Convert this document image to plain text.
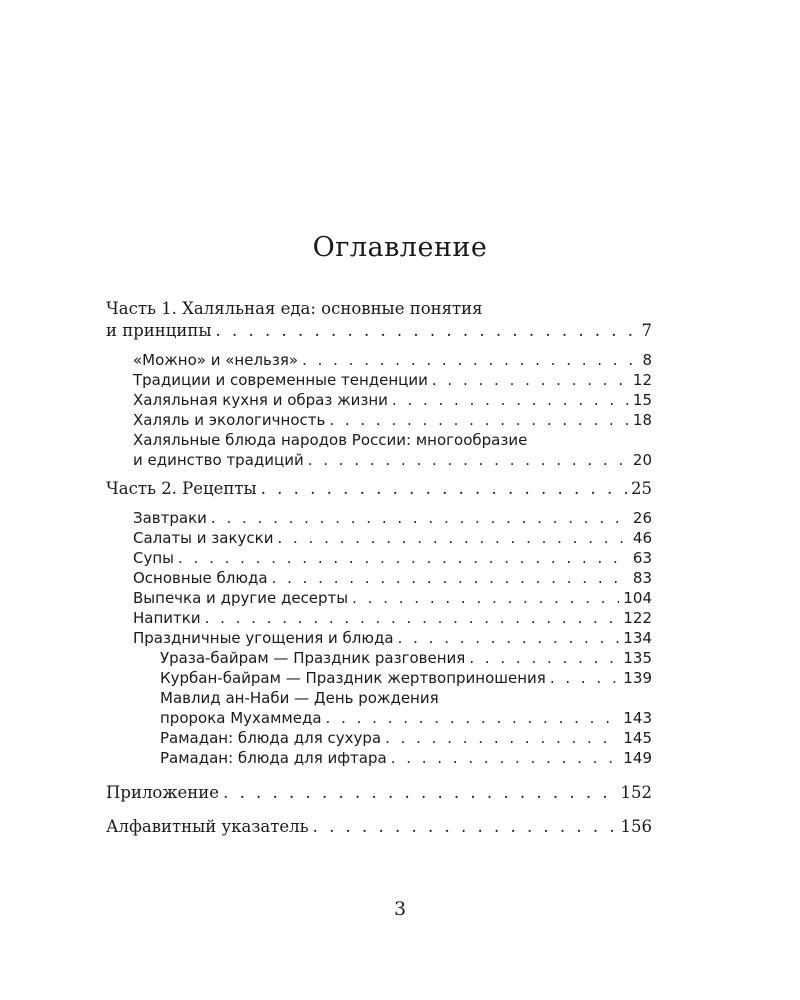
Оглавление
Часть 1. Халяльная еда: основные понятия
и принципы . . .	7
«Можно» и «нельзя» . . .	8
Традиции и современные тенденции . . .	12
Халяльная кухня и образ жизни . . .	15
Халяль и экологичность . . .	18
Халяльные блюда народов России: многообразие
и единство традиций . . .	20
Часть 2. Рецепты . . .	25
Завтраки . . .	26
Салаты и закуски . . .	46
Супы . . .	63
Основные блюда . . .	83
Выпечка и другие десерты . . .	104
Напитки . . .	122
Праздничные угощения и блюда . . .	134
Ураза-байрам — Праздник разговения . . .	135
Курбан-байрам — Праздник жертвоприношения . . .	139
Мавлид ан-Наби — День рождения
пророка Мухаммеда . . .	143
Рамадан: блюда для сухура . . .	145
Рамадан: блюда для ифтара . . .	149
Приложение . . .	152
Алфавитный указатель . . .	156
3
